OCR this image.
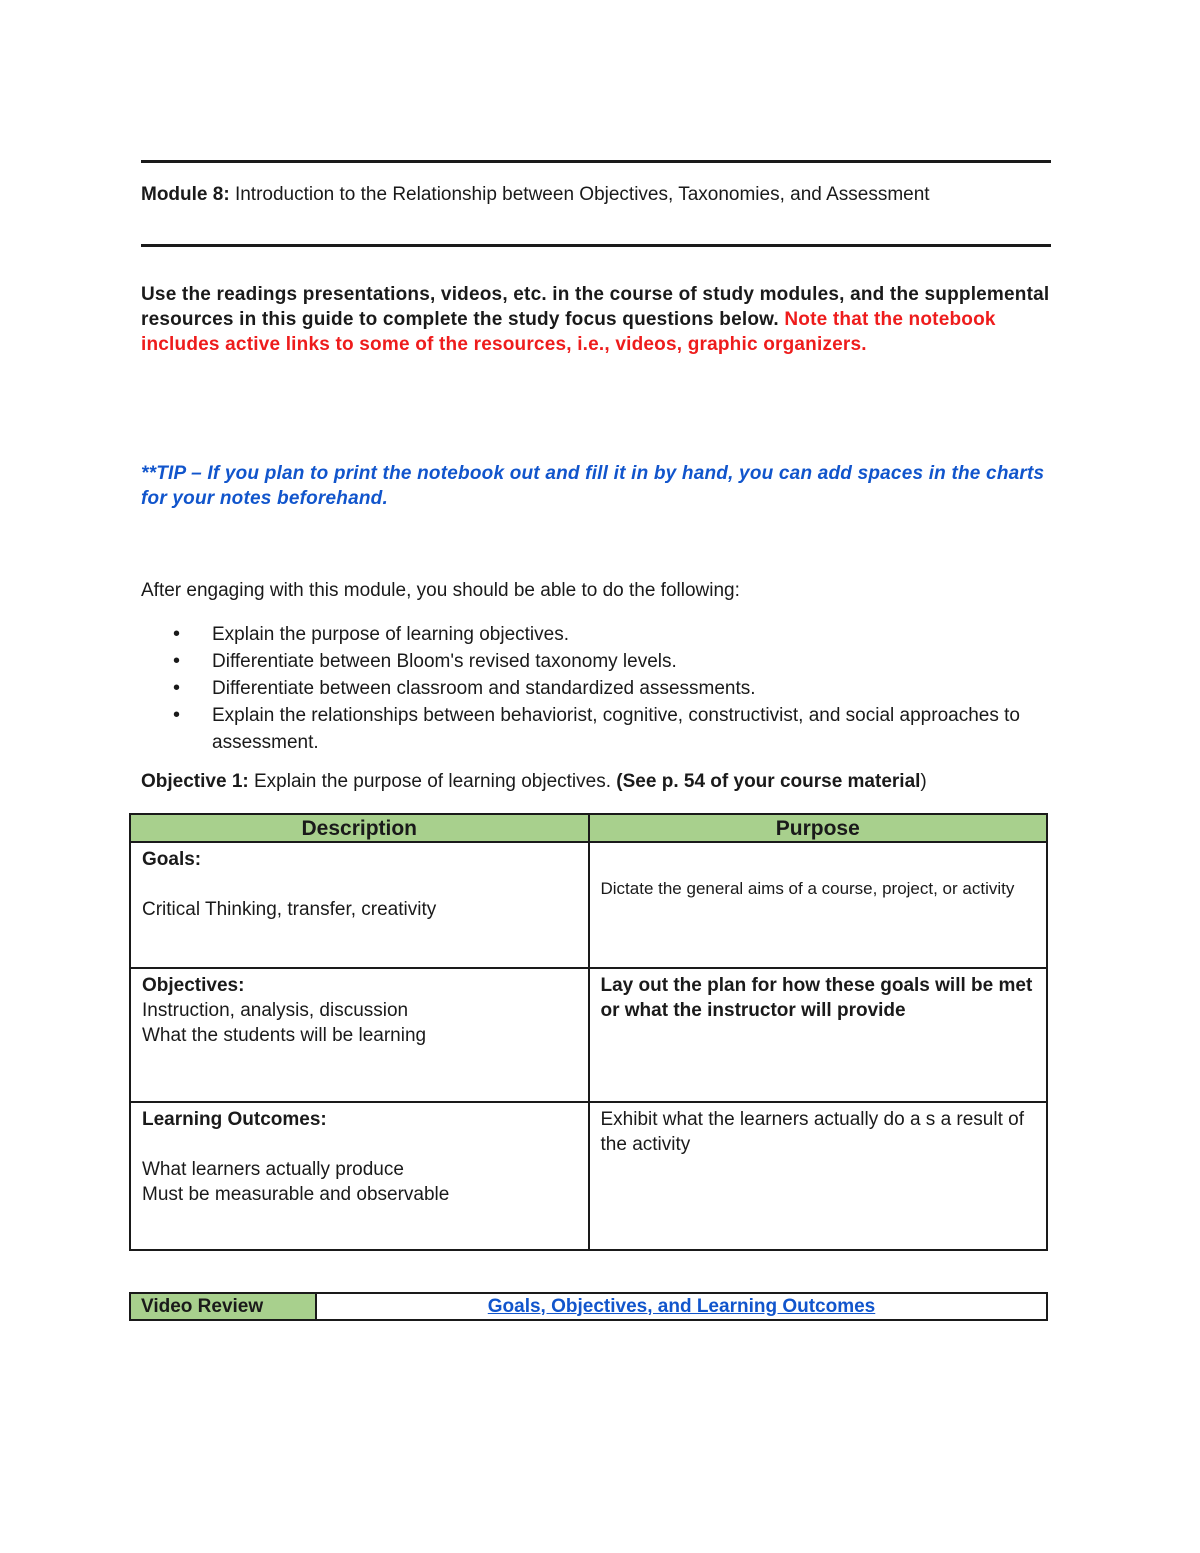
Module 8: Introduction to the Relationship between Objectives, Taxonomies, and Assessment
Use the readings presentations, videos, etc. in the course of study modules, and the supplemental resources in this guide to complete the study focus questions below. Note that the notebook includes active links to some of the resources, i.e., videos, graphic organizers.
**TIP – If you plan to print the notebook out and fill it in by hand, you can add spaces in the charts for your notes beforehand.
After engaging with this module, you should be able to do the following:
• Explain the purpose of learning objectives.
• Differentiate between Bloom's revised taxonomy levels.
• Differentiate between classroom and standardized assessments.
• Explain the relationships between behaviorist, cognitive, constructivist, and social approaches to assessment.
Objective 1: Explain the purpose of learning objectives. (See p. 54 of your course material)
Description	Purpose

Goals:
Critical Thinking, transfer, creativity	Dictate the general aims of a course, project, or activity

Objectives:
Instruction, analysis, discussion
What the students will be learning	Lay out the plan for how these goals will be met or what the instructor will provide

Learning Outcomes:
What learners actually produce
Must be measurable and observable	Exhibit what the learners actually do a s a result of the activity
Video Review	Goals, Objectives, and Learning Outcomes
